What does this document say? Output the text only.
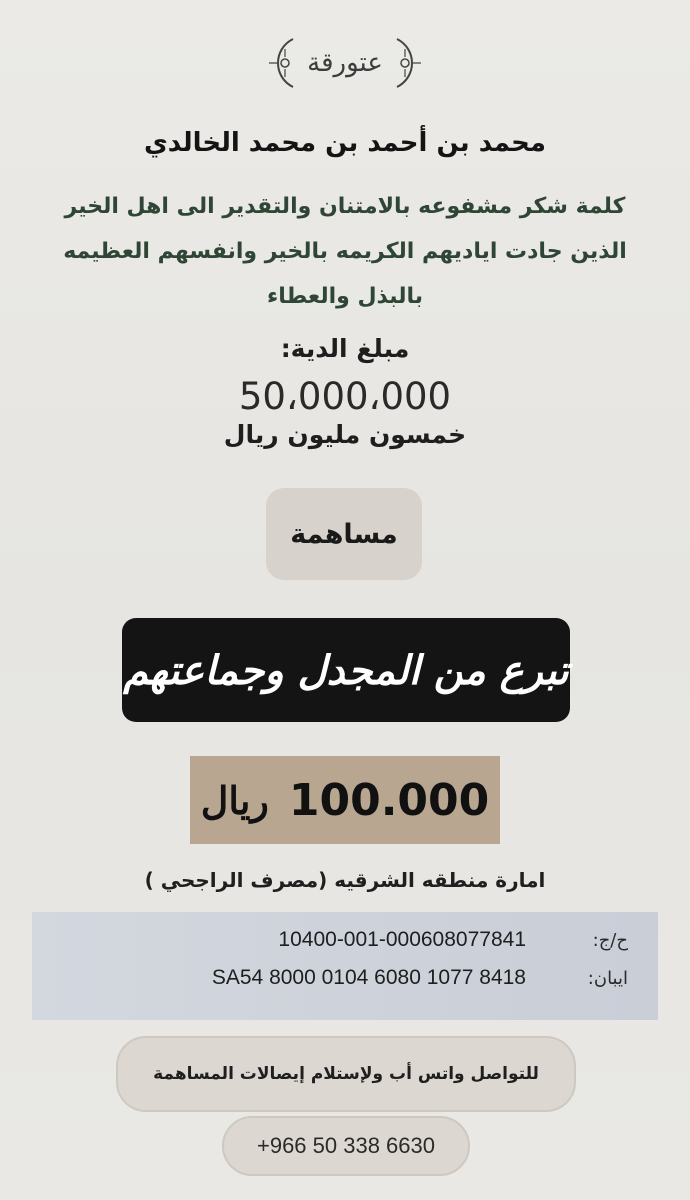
عتورقة
محمد بن أحمد بن محمد الخالدي
كلمة شكر مشفوعه بالامتنان والتقدير الى اهل الخير
الذين جادت اياديهم الكريمه بالخير وانفسهم العظيمه
بالبذل والعطاء
مبلغ الدية:
50،000،000
خمسون مليون ريال
مساهمة
تبرع من المجدل وجماعتهم
ريال 100.000
امارة منطقه الشرقيه (مصرف الراجحي )
ح/ج:
10400-001-000608077841
ايبان:
SA54 8000 0104 6080 1077 8418
للتواصل واتس أب ولإستلام إيصالات المساهمة
+966 50 338 6630
